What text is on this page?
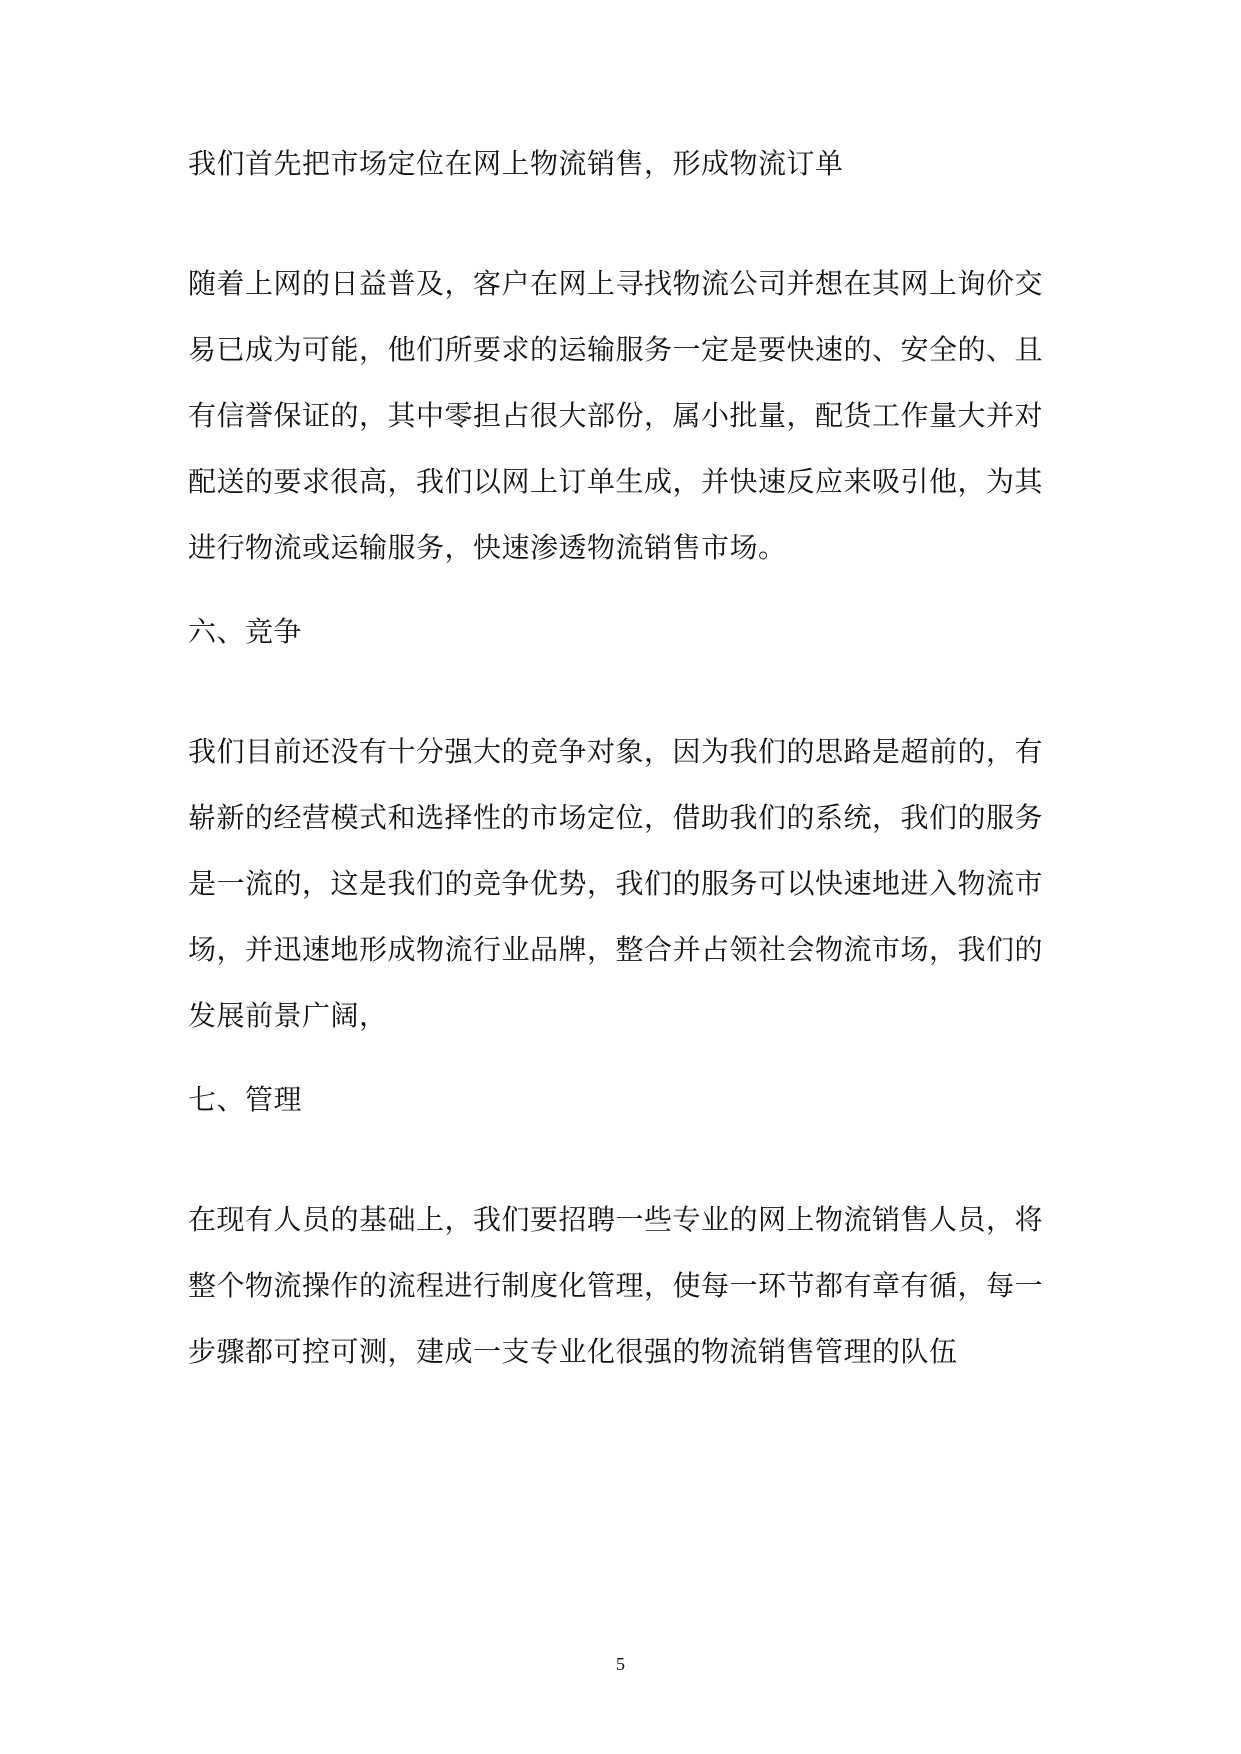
我们首先把市场定位在网上物流销售，形成物流订单

随着上网的日益普及，客户在网上寻找物流公司并想在其网上询价交
易已成为可能，他们所要求的运输服务一定是要快速的、安全的、且
有信誉保证的，其中零担占很大部份，属小批量，配货工作量大并对
配送的要求很高，我们以网上订单生成，并快速反应来吸引他，为其
进行物流或运输服务，快速渗透物流销售市场。

六、竞争

我们目前还没有十分强大的竞争对象，因为我们的思路是超前的，有
崭新的经营模式和选择性的市场定位，借助我们的系统，我们的服务
是一流的，这是我们的竞争优势，我们的服务可以快速地进入物流市
场，并迅速地形成物流行业品牌，整合并占领社会物流市场，我们的
发展前景广阔，

七、管理

在现有人员的基础上，我们要招聘一些专业的网上物流销售人员，将
整个物流操作的流程进行制度化管理，使每一环节都有章有循，每一
步骤都可控可测，建成一支专业化很强的物流销售管理的队伍

5
